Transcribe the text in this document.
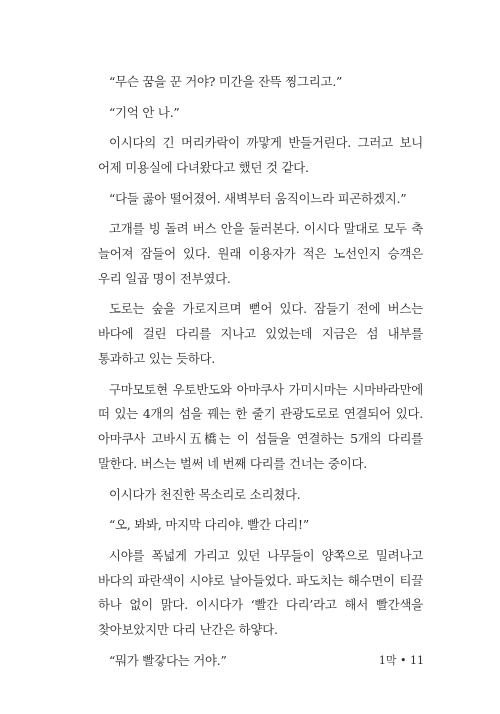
“무슨 꿈을 꾼 거야? 미간을 잔뜩 찡그리고.”

“기억 안 나.”

이시다의 긴 머리카락이 까맣게 반들거린다. 그러고 보니 어제 미용실에 다녀왔다고 했던 것 같다.

“다들 곯아 떨어졌어. 새벽부터 움직이느라 피곤하겠지.”

고개를 빙 돌려 버스 안을 둘러본다. 이시다 말대로 모두 축 늘어져 잠들어 있다. 원래 이용자가 적은 노선인지 승객은 우리 일곱 명이 전부였다.

도로는 숲을 가로지르며 뻗어 있다. 잠들기 전에 버스는 바다에 걸린 다리를 지나고 있었는데 지금은 섬 내부를 통과하고 있는 듯하다.

구마모토현 우토반도와 아마쿠사 가미시마는 시마바라만에 떠 있는 4개의 섬을 꿰는 한 줄기 관광도로로 연결되어 있다. 아마쿠사 고바시五橋는 이 섬들을 연결하는 5개의 다리를 말한다. 버스는 벌써 네 번째 다리를 건너는 중이다.

이시다가 천진한 목소리로 소리쳤다.

“오, 봐봐, 마지막 다리야. 빨간 다리!”

시야를 폭넓게 가리고 있던 나무들이 양쪽으로 밀려나고 바다의 파란색이 시야로 날아들었다. 파도치는 해수면이 티끌 하나 없이 맑다. 이시다가 ‘빨간 다리’라고 해서 빨간색을 찾아보았지만 다리 난간은 하얗다.

“뭐가 빨갛다는 거야.”	1막 • 11
